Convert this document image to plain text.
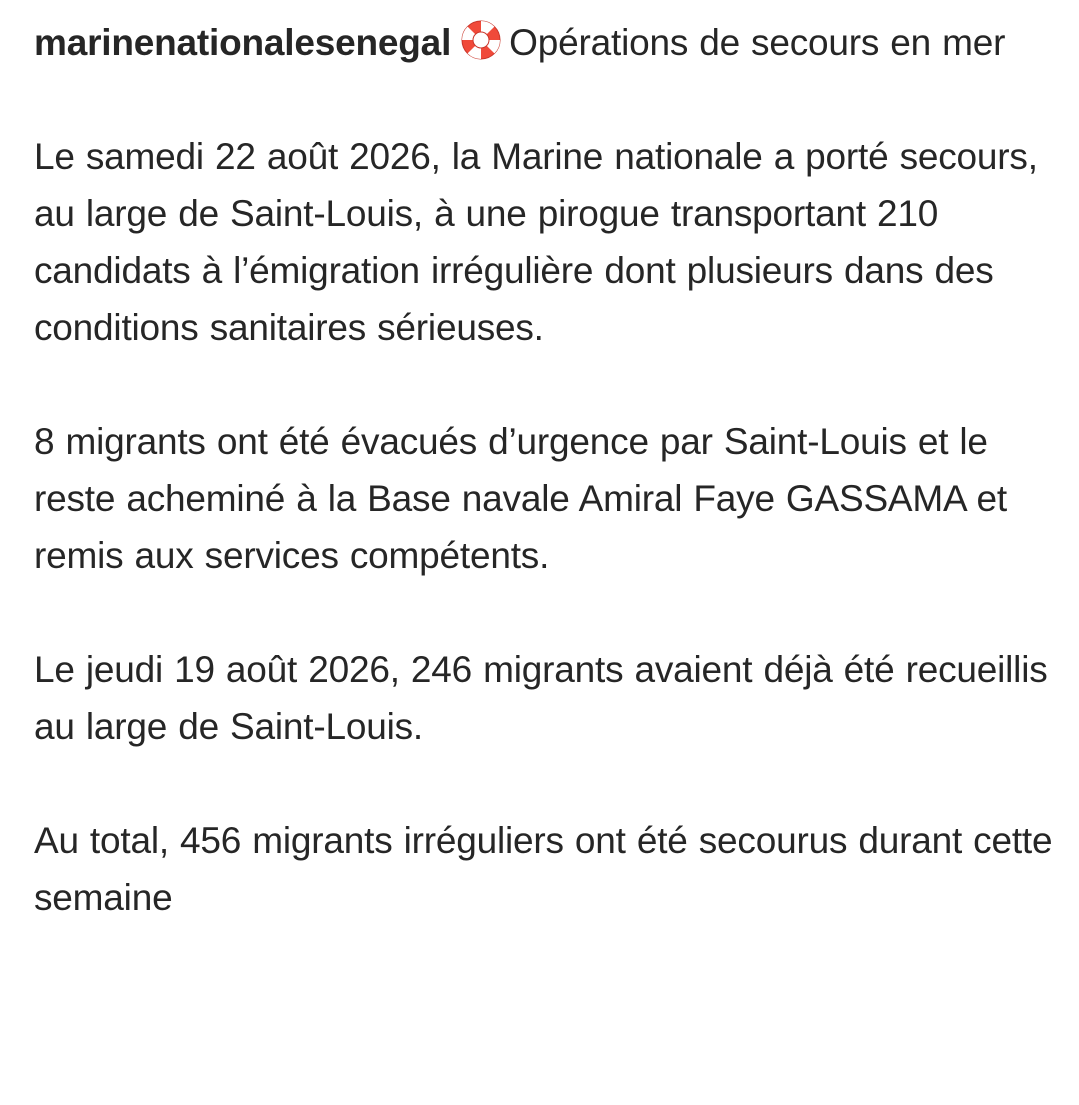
marinenationalesenegal Opérations de secours en mer
Le samedi 22 août 2026, la Marine nationale a porté secours, au large de Saint-Louis, à une pirogue transportant 210 candidats à l’émigration irrégulière dont plusieurs dans des conditions sanitaires sérieuses.
8 migrants ont été évacués d’urgence par Saint-Louis et le reste acheminé à la Base navale Amiral Faye GASSAMA et remis aux services compétents.
Le jeudi 19 août 2026, 246 migrants avaient déjà été recueillis au large de Saint-Louis.
Au total, 456 migrants irréguliers ont été secourus durant cette semaine
